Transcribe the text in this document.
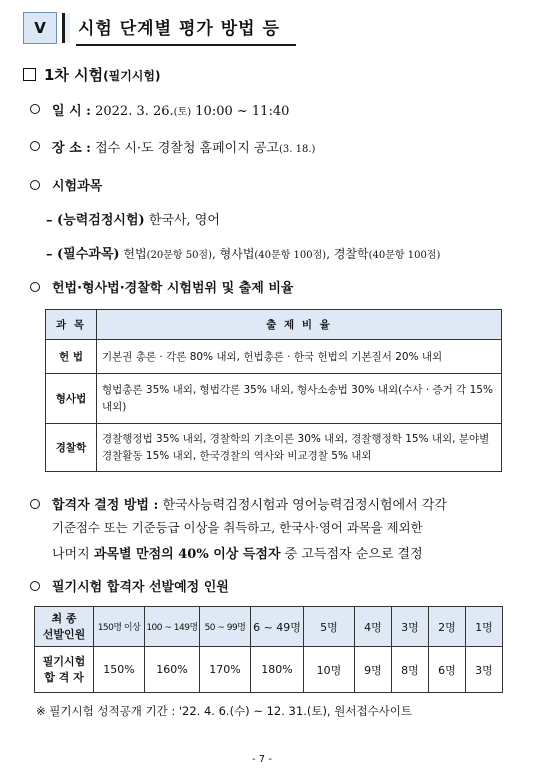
V	시험 단계별 평가 방법 등
1차 시험(필기시험)
일 시 : 2022. 3. 26.(토) 10:00 ~ 11:40
장 소 : 접수 시·도 경찰청 홈페이지 공고(3. 18.)
시험과목
– (능력검정시험) 한국사, 영어
– (필수과목) 헌법(20문항 50점), 형사법(40문항 100점), 경찰학(40문항 100점)
헌법·형사법·경찰학 시험범위 및 출제 비율
과 목	출 제 비 율
헌 법	기본권 총론 · 각론 80% 내외, 헌법총론 · 한국 헌법의 기본질서 20% 내외
형사법	형법총론 35% 내외, 형법각론 35% 내외, 형사소송법 30% 내외(수사 · 증거 각 15% 내외)
경찰학	경찰행정법 35% 내외, 경찰학의 기초이론 30% 내외, 경찰행정학 15% 내외, 분야별 경찰활동 15% 내외, 한국경찰의 역사와 비교경찰 5% 내외
합격자 결정 방법 : 한국사능력검정시험과 영어능력검정시험에서 각각
기준점수 또는 기준등급 이상을 취득하고, 한국사·영어 과목을 제외한
나머지 과목별 만점의 40% 이상 득점자 중 고득점자 순으로 결정
필기시험 합격자 선발예정 인원
최 종
선발인원	150명 이상	100 ~ 149명	50 ~ 99명	6 ~ 49명	5명	4명	3명	2명	1명

필기시험
합 격 자	150%	160%	170%	180%	10명	9명	8명	6명	3명
※ 필기시험 성적공개 기간 : '22. 4. 6.(수) ~ 12. 31.(토), 원서접수사이트
- 7 -
